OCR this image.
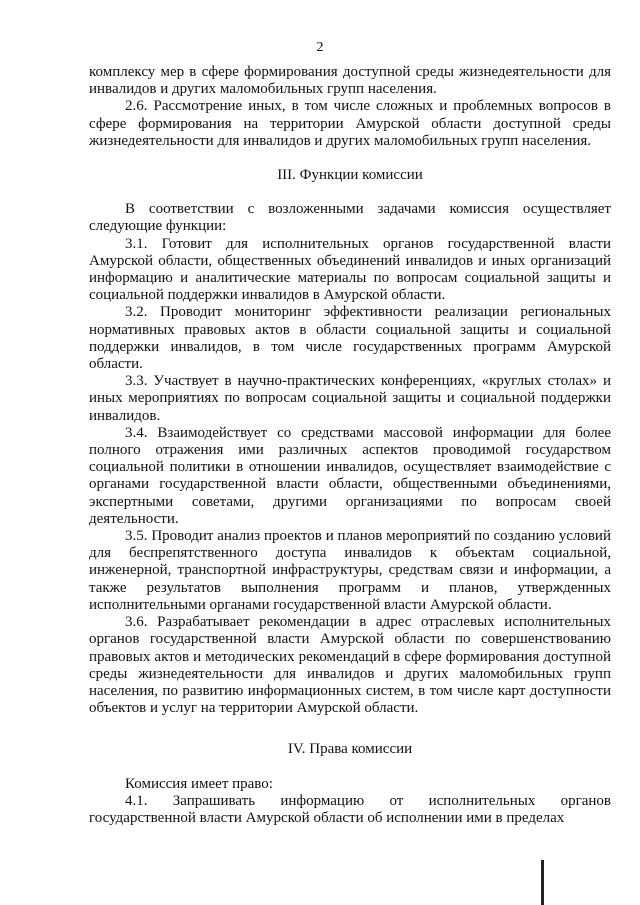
2

комплексу мер в сфере формирования доступной среды жизнедеятельности для инвалидов и других маломобильных групп населения.

2.6. Рассмотрение иных, в том числе сложных и проблемных вопросов в сфере формирования на территории Амурской области доступной среды жизнедеятельности для инвалидов и других маломобильных групп населения.

III. Функции комиссии

В соответствии с возложенными задачами комиссия осуществляет следующие функции:

3.1. Готовит для исполнительных органов государственной власти Амурской области, общественных объединений инвалидов и иных организаций информацию и аналитические материалы по вопросам социальной защиты и социальной поддержки инвалидов в Амурской области.

3.2. Проводит мониторинг эффективности реализации региональных нормативных правовых актов в области социальной защиты и социальной поддержки инвалидов, в том числе государственных программ Амурской области.

3.3. Участвует в научно-практических конференциях, «круглых столах» и иных мероприятиях по вопросам социальной защиты и социальной поддержки инвалидов.

3.4. Взаимодействует со средствами массовой информации для более полного отражения ими различных аспектов проводимой государством социальной политики в отношении инвалидов, осуществляет взаимодействие с органами государственной власти области, общественными объединениями, экспертными советами, другими организациями по вопросам своей деятельности.

3.5. Проводит анализ проектов и планов мероприятий по созданию условий для беспрепятственного доступа инвалидов к объектам социальной, инженерной, транспортной инфраструктуры, средствам связи и информации, а также результатов выполнения программ и планов, утвержденных исполнительными органами государственной власти Амурской области.

3.6. Разрабатывает рекомендации в адрес отраслевых исполнительных органов государственной власти Амурской области по совершенствованию правовых актов и методических рекомендаций в сфере формирования доступной среды жизнедеятельности для инвалидов и других маломобильных групп населения, по развитию информационных систем, в том числе карт доступности объектов и услуг на территории Амурской области.

IV. Права комиссии

Комиссия имеет право:

4.1. Запрашивать информацию от исполнительных органов государственной власти Амурской области об исполнении ими в пределах
